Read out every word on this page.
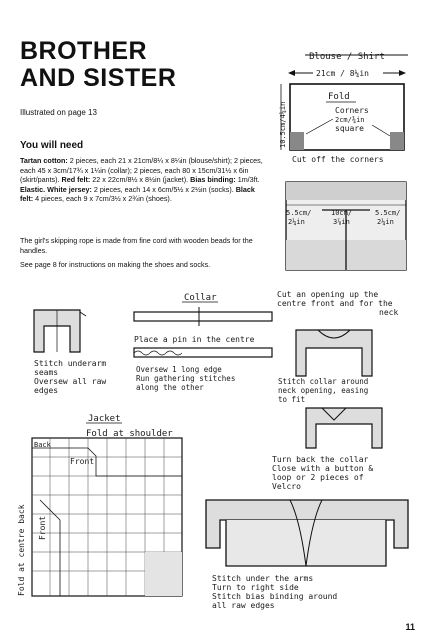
BROTHER
AND SISTER
Illustrated on page 13
You will need
Tartan cotton: 2 pieces, each 21 x 21cm/8¼ x 8¼in (blouse/shirt); 2 pieces, each 45 x 3cm/17¾ x 1¼in (collar); 2 pieces, each 80 x 15cm/31½ x 6in (skirt/pants). Red felt: 22 x 22cm/8½ x 8½in (jacket). Bias binding: 1m/3ft. Elastic. White jersey: 2 pieces, each 14 x 6cm/5½ x 2½in (socks). Black felt: 4 pieces, each 9 x 7cm/3½ x 2¾in (shoes).
The girl's skipping rope is made from fine cord with wooden beads for the handles.
See page 8 for instructions on making the shoes and socks.
Blouse / Shirt
21cm / 8¼in
Fold
Corners
2cm/¾in
square
10.5cm/4¼in
Cut off the corners
5.5cm/
2¼in
10cm/
3⅞in
5.5cm/
2¼in
Cut an opening up the
centre front and for the
neck
Collar
Place a pin in the centre
Oversew 1 long edge
Run gathering stitches
along the other
Stitch underarm
seams
Oversew all raw
edges
Stitch collar around
neck opening, easing
to fit
Turn back the collar
Close with a button &
loop or 2 pieces of
Velcro
Jacket
Fold at shoulder
Back
Front
Front
Fold at centre back	Stitch under the arms
Turn to right side
Stitch bias binding around
all raw edges
11
